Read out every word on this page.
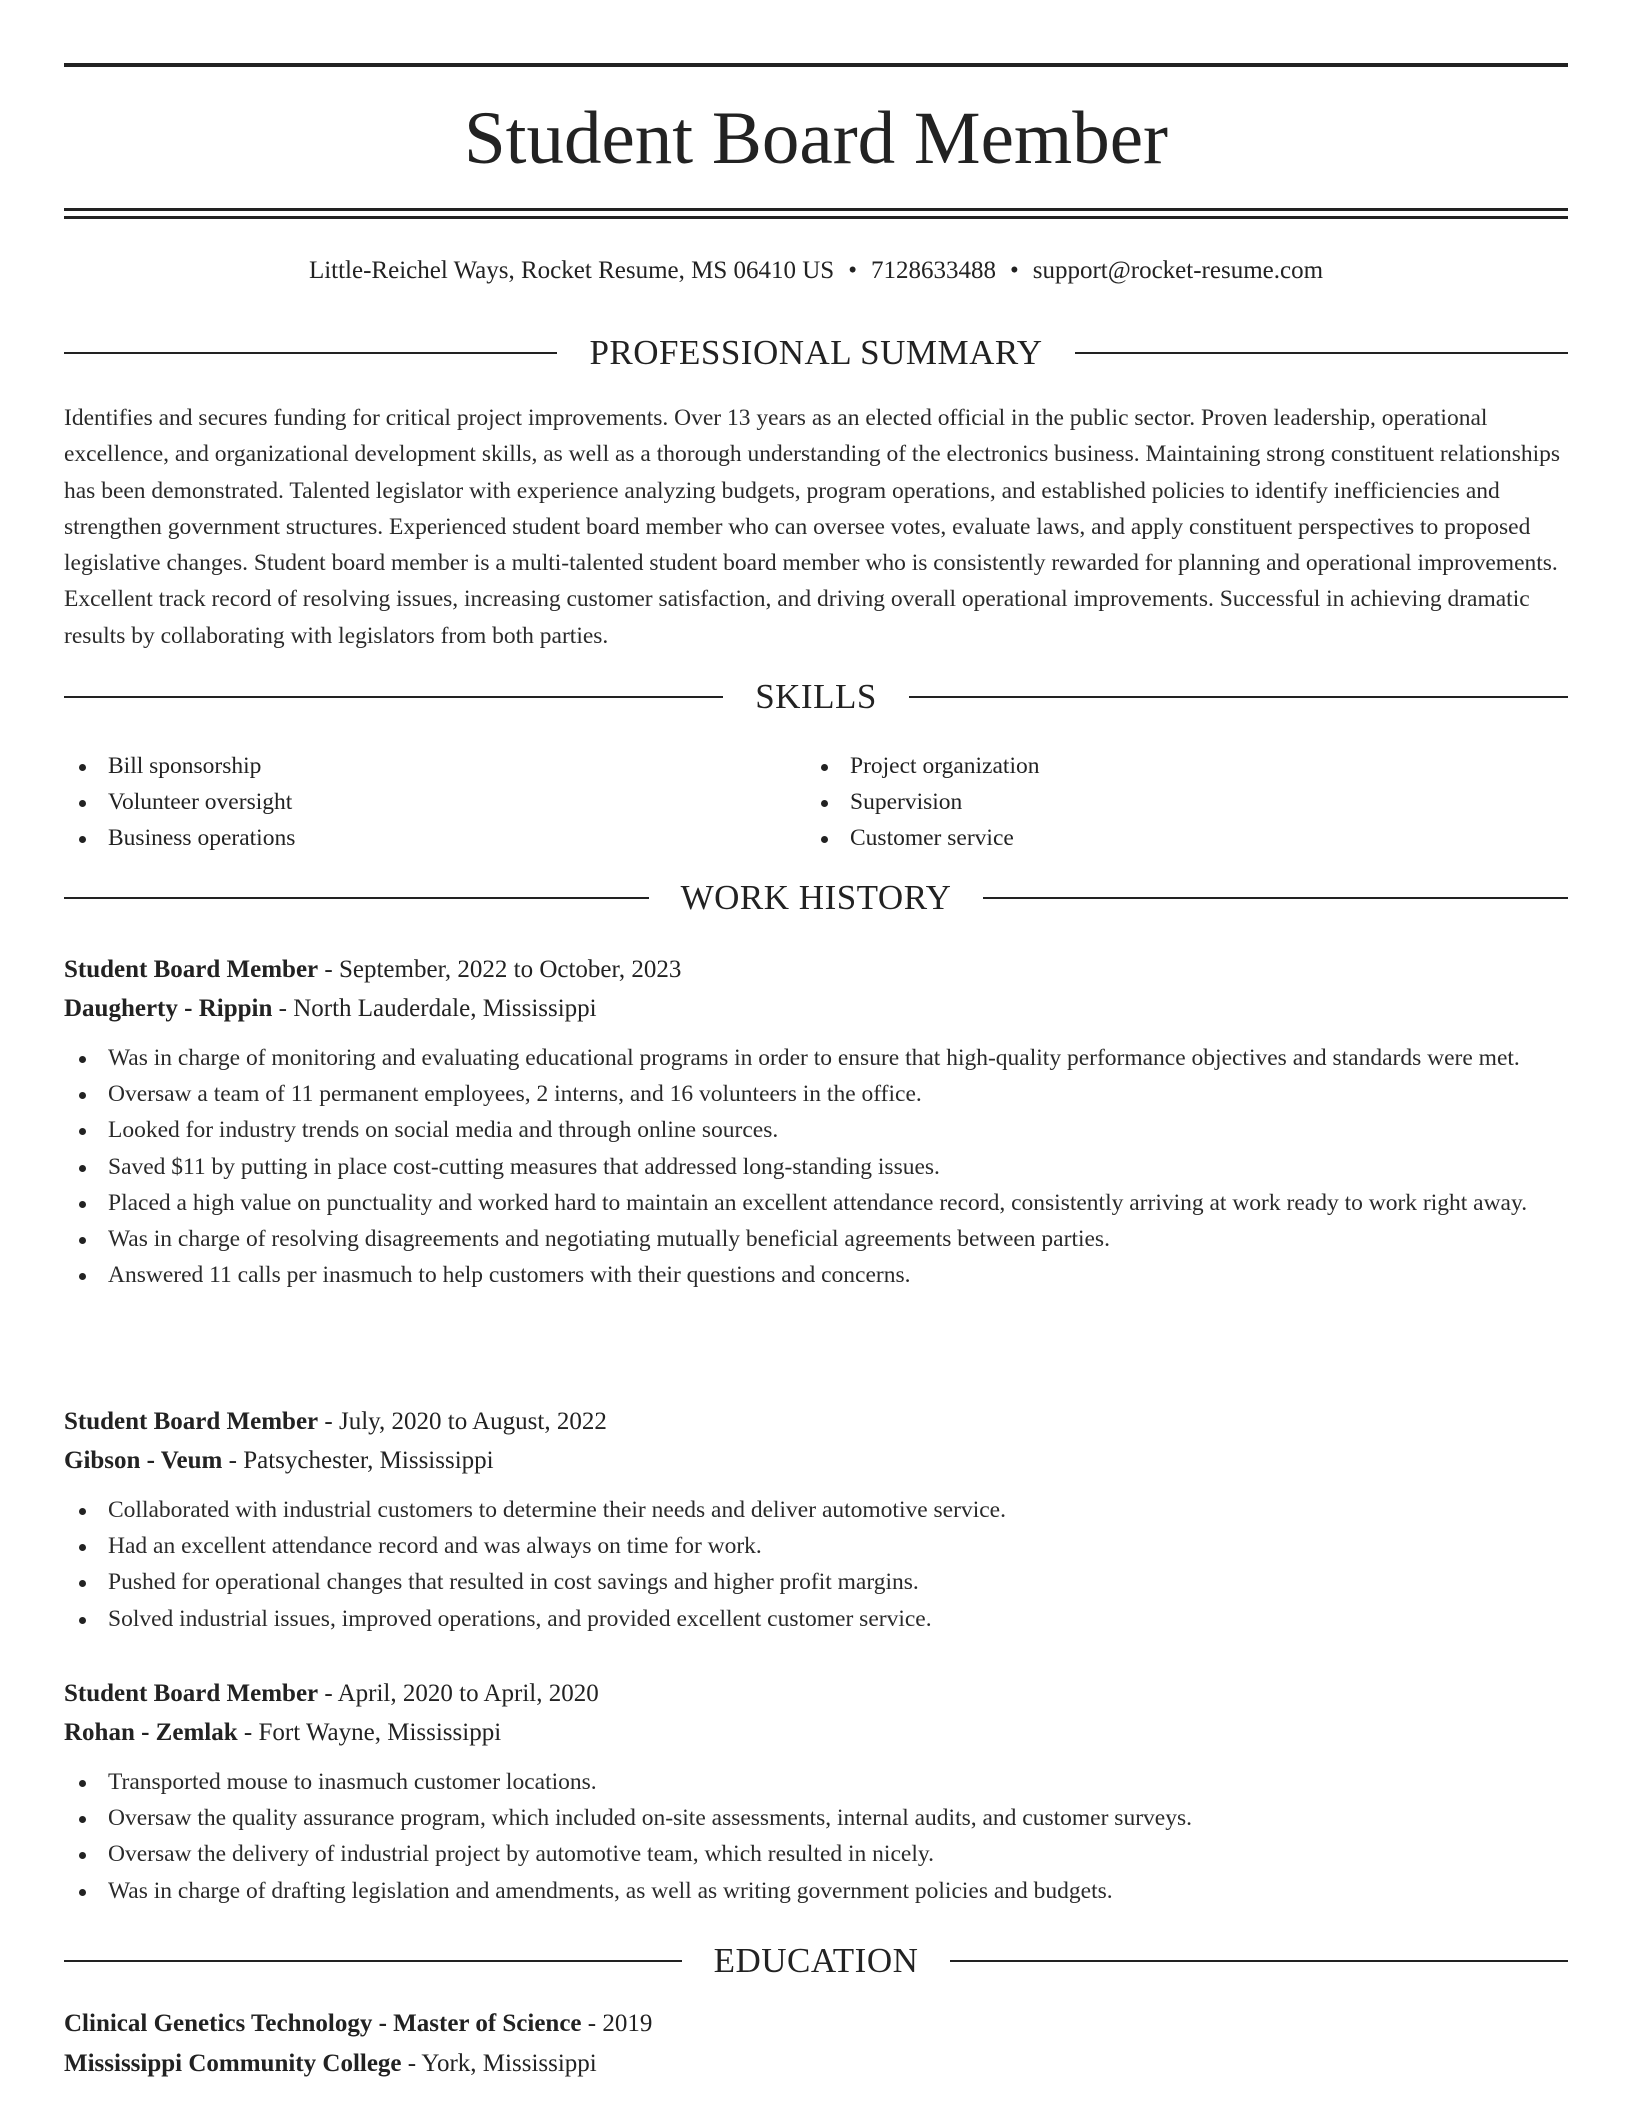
Student Board Member
Little-Reichel Ways, Rocket Resume, MS 06410 US • 7128633488 • support@rocket-resume.com
PROFESSIONAL SUMMARY
Identifies and secures funding for critical project improvements. Over 13 years as an elected official in the public sector. Proven leadership, operational excellence, and organizational development skills, as well as a thorough understanding of the electronics business. Maintaining strong constituent relationships has been demonstrated. Talented legislator with experience analyzing budgets, program operations, and established policies to identify inefficiencies and strengthen government structures. Experienced student board member who can oversee votes, evaluate laws, and apply constituent perspectives to proposed legislative changes. Student board member is a multi-talented student board member who is consistently rewarded for planning and operational improvements. Excellent track record of resolving issues, increasing customer satisfaction, and driving overall operational improvements. Successful in achieving dramatic results by collaborating with legislators from both parties.
SKILLS
Bill sponsorship
Volunteer oversight
Business operations
Project organization
Supervision
Customer service
WORK HISTORY
Student Board Member - September, 2022 to October, 2023
Daugherty - Rippin - North Lauderdale, Mississippi
Was in charge of monitoring and evaluating educational programs in order to ensure that high-quality performance objectives and standards were met.
Oversaw a team of 11 permanent employees, 2 interns, and 16 volunteers in the office.
Looked for industry trends on social media and through online sources.
Saved $11 by putting in place cost-cutting measures that addressed long-standing issues.
Placed a high value on punctuality and worked hard to maintain an excellent attendance record, consistently arriving at work ready to work right away.
Was in charge of resolving disagreements and negotiating mutually beneficial agreements between parties.
Answered 11 calls per inasmuch to help customers with their questions and concerns.
Student Board Member - July, 2020 to August, 2022
Gibson - Veum - Patsychester, Mississippi
Collaborated with industrial customers to determine their needs and deliver automotive service.
Had an excellent attendance record and was always on time for work.
Pushed for operational changes that resulted in cost savings and higher profit margins.
Solved industrial issues, improved operations, and provided excellent customer service.
Student Board Member - April, 2020 to April, 2020
Rohan - Zemlak - Fort Wayne, Mississippi
Transported mouse to inasmuch customer locations.
Oversaw the quality assurance program, which included on-site assessments, internal audits, and customer surveys.
Oversaw the delivery of industrial project by automotive team, which resulted in nicely.
Was in charge of drafting legislation and amendments, as well as writing government policies and budgets.
EDUCATION
Clinical Genetics Technology - Master of Science - 2019
Mississippi Community College - York, Mississippi
